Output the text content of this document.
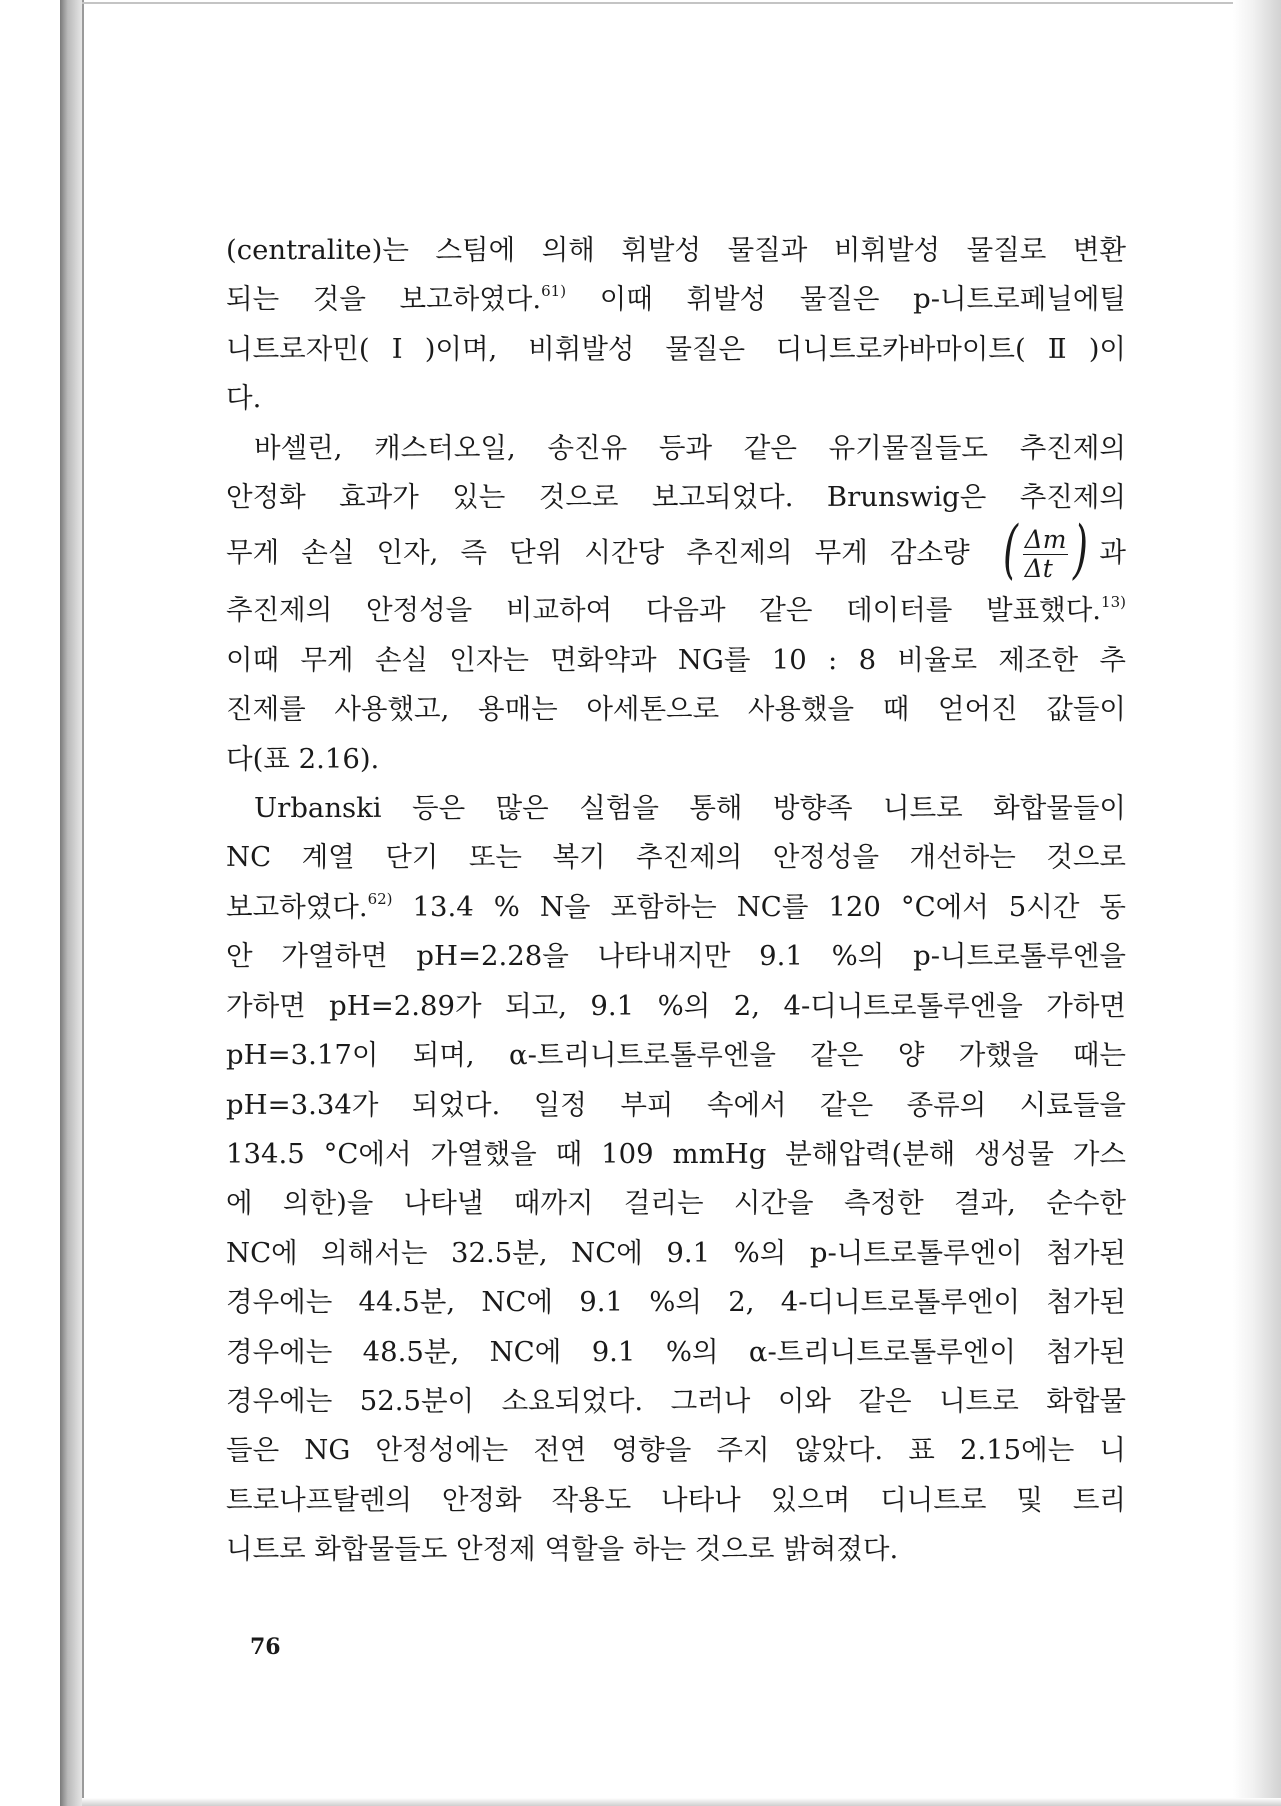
(centralite)는 스팀에 의해 휘발성 물질과 비휘발성 물질로 변환
되는 것을 보고하였다.$^{61)}$ 이때 휘발성 물질은 p-니트로페닐에틸
니트로자민(Ⅰ)이며, 비휘발성 물질은 디니트로카바마이트(Ⅱ)이
다.
바셀린, 캐스터오일, 송진유 등과 같은 유기물질들도 추진제의
안정화 효과가 있는 것으로 보고되었다. Brunswig은 추진제의
무게 손실 인자, 즉 단위 시간당 추진제의 무게 감소량 ( $\frac{\Delta m}{\Delta t}$ ) 과
추진제의 안정성을 비교하여 다음과 같은 데이터를 발표했다.$^{13)}$
이때 무게 손실 인자는 면화약과 NG를 10 : 8 비율로 제조한 추
진제를 사용했고, 용매는 아세톤으로 사용했을 때 얻어진 값들이
다(표 2.16).
Urbanski 등은 많은 실험을 통해 방향족 니트로 화합물들이
NC 계열 단기 또는 복기 추진제의 안정성을 개선하는 것으로
보고하였다.$^{62)}$ 13.4 % N을 포함하는 NC를 120 °C에서 5시간 동
안 가열하면 pH=2.28을 나타내지만 9.1 %의 p-니트로톨루엔을
가하면 pH=2.89가 되고, 9.1 %의 2, 4-디니트로톨루엔을 가하면
pH=3.17이 되며, α-트리니트로톨루엔을 같은 양 가했을 때는
pH=3.34가 되었다. 일정 부피 속에서 같은 종류의 시료들을
134.5 °C에서 가열했을 때 109 mmHg 분해압력(분해 생성물 가스
에 의한)을 나타낼 때까지 걸리는 시간을 측정한 결과, 순수한
NC에 의해서는 32.5분, NC에 9.1 %의 p-니트로톨루엔이 첨가된
경우에는 44.5분, NC에 9.1 %의 2, 4-디니트로톨루엔이 첨가된
경우에는 48.5분, NC에 9.1 %의 α-트리니트로톨루엔이 첨가된
경우에는 52.5분이 소요되었다. 그러나 이와 같은 니트로 화합물
들은 NG 안정성에는 전연 영향을 주지 않았다. 표 2.15에는 니
트로나프탈렌의 안정화 작용도 나타나 있으며 디니트로 및 트리
니트로 화합물들도 안정제 역할을 하는 것으로 밝혀졌다.
76
